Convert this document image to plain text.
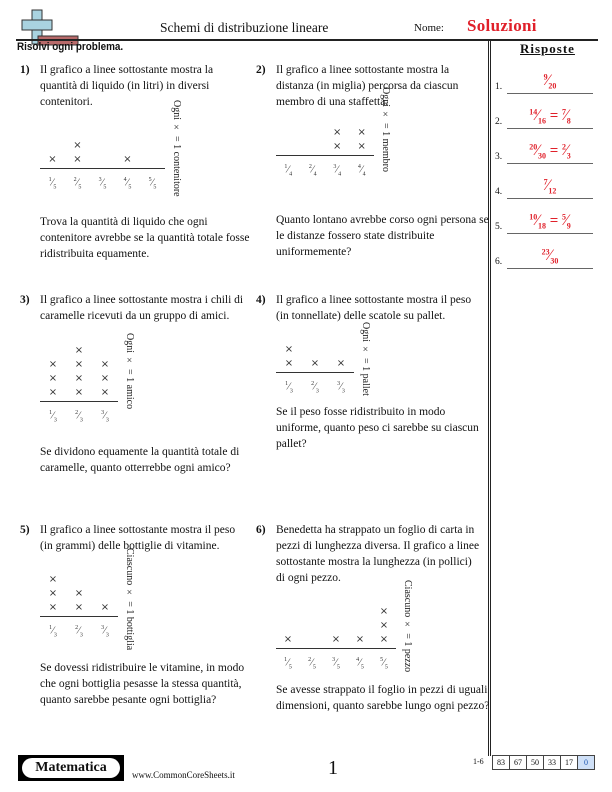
Schemi di distribuzione lineare	Nome: Soluzioni
Risolvi ogni problema.	Risposte
1.
$^9⁄_{20}$
2.
$^{14}⁄_{16}$ = $^7⁄_8$
3.
$^{20}⁄_{30}$ = $^2⁄_3$
4.
$^7⁄_{12}$
5.
$^{10}⁄_{18}$ = $^5⁄_9$
6.
$^{23}⁄_{30}$
1) Il grafico a linee sottostante mostra la quantità di liquido (in litri) in diversi contenitori.
$^1⁄_5$
×
$^2⁄_5$
×
×
$^3⁄_5$
$^4⁄_5$
×
$^5⁄_5$	Ogni × = 1 contenitore
Trova la quantità di liquido che ogni contenitore avrebbe se la quantità totale fosse ridistribuita equamente.
2) Il grafico a linee sottostante mostra la distanza (in miglia) percorsa da ciascun membro di una staffetta.
$^1⁄_4$
$^2⁄_4$
$^3⁄_4$
×
×
$^4⁄_4$
×
×	Ogni × = 1 membro
Quanto lontano avrebbe corso ogni persona se le distanze fossero state distribuite uniformemente?
3) Il grafico a linee sottostante mostra i chili di caramelle ricevuti da un gruppo di amici.
$^1⁄_3$
×
×
×
$^2⁄_3$
×
×
×
×
$^3⁄_3$
×
×
×	Ogni × = 1 amico
Se dividono equamente la quantità totale di caramelle, quanto otterrebbe ogni amico?
4) Il grafico a linee sottostante mostra il peso (in tonnellate) delle scatole su pallet.
$^1⁄_3$
×
×
$^2⁄_3$
×
$^3⁄_3$
×	Ogni × = 1 pallet
Se il peso fosse ridistribuito in modo uniforme, quanto peso ci sarebbe su ciascun pallet?
5) Il grafico a linee sottostante mostra il peso (in grammi) delle bottiglie di vitamine.
$^1⁄_3$
×
×
×
$^2⁄_3$
×
×
$^3⁄_3$
×	Ciascuno × = 1 bottiglia
Se dovessi ridistribuire le vitamine, in modo che ogni bottiglia pesasse la stessa quantità, quanto sarebbe pesante ogni bottiglia?
6) Benedetta ha strappato un foglio di carta in pezzi di lunghezza diversa. Il grafico a linee sottostante mostra la lunghezza (in pollici) di ogni pezzo.
$^1⁄_5$
×
$^2⁄_5$
$^3⁄_5$
×
$^4⁄_5$
×
$^5⁄_5$
×
×
×	Ciascuno × = 1 pezzo
Se avesse strappato il foglio in pezzi di uguali dimensioni, quanto sarebbe lungo ogni pezzo?
Matematica	www.CommonCoreSheets.it	1	1-6	83	67	50	33	17	0
